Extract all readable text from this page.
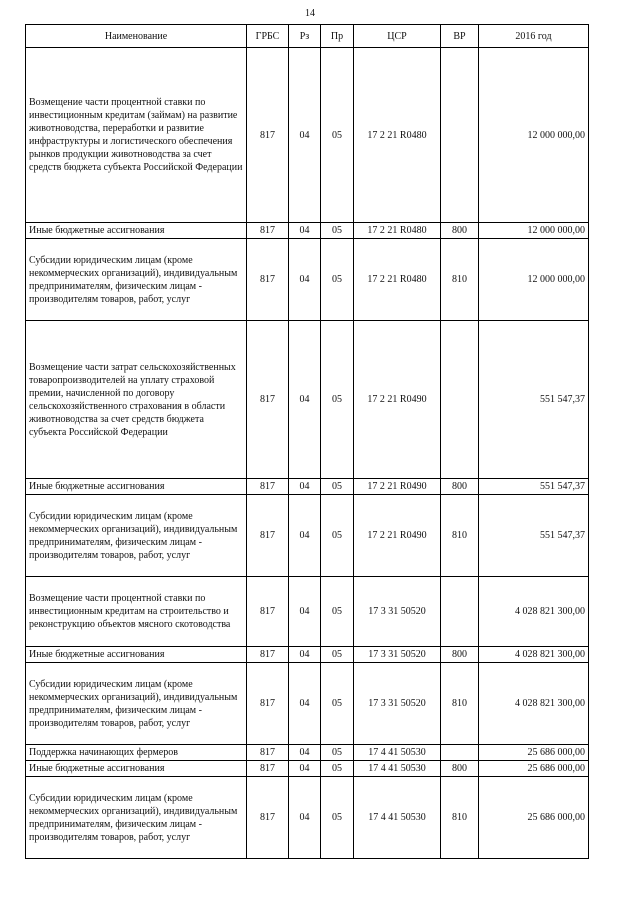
14
Наименование	ГРБС	Рз	Пр	ЦСР	ВР	2016 год
Возмещение части процентной ставки по инвестиционным кредитам (займам) на развитие животноводства, переработки и развитие инфраструктуры и логистического обеспечения рынков продукции животноводства за счет средств бюджета субъекта Российской Федерации	817	04	05	17 2 21 R0480		12 000 000,00
Иные бюджетные ассигнования	817	04	05	17 2 21 R0480	800	12 000 000,00
Субсидии юридическим лицам (кроме некоммерческих организаций), индивидуальным предпринимателям, физическим лицам - производителям товаров, работ, услуг	817	04	05	17 2 21 R0480	810	12 000 000,00
Возмещение части затрат сельскохозяйственных товаропроизводителей на уплату страховой премии, начисленной по договору сельскохозяйственного страхования в области животноводства за счет средств бюджета субъекта Российской Федерации	817	04	05	17 2 21 R0490		551 547,37
Иные бюджетные ассигнования	817	04	05	17 2 21 R0490	800	551 547,37
Субсидии юридическим лицам (кроме некоммерческих организаций), индивидуальным предпринимателям, физическим лицам - производителям товаров, работ, услуг	817	04	05	17 2 21 R0490	810	551 547,37
Возмещение части процентной ставки по инвестиционным кредитам на строительство и реконструкцию объектов мясного скотоводства	817	04	05	17 3 31 50520		4 028 821 300,00
Иные бюджетные ассигнования	817	04	05	17 3 31 50520	800	4 028 821 300,00
Субсидии юридическим лицам (кроме некоммерческих организаций), индивидуальным предпринимателям, физическим лицам - производителям товаров, работ, услуг	817	04	05	17 3 31 50520	810	4 028 821 300,00
Поддержка начинающих фермеров	817	04	05	17 4 41 50530		25 686 000,00
Иные бюджетные ассигнования	817	04	05	17 4 41 50530	800	25 686 000,00
Субсидии юридическим лицам (кроме некоммерческих организаций), индивидуальным предпринимателям, физическим лицам - производителям товаров, работ, услуг	817	04	05	17 4 41 50530	810	25 686 000,00
